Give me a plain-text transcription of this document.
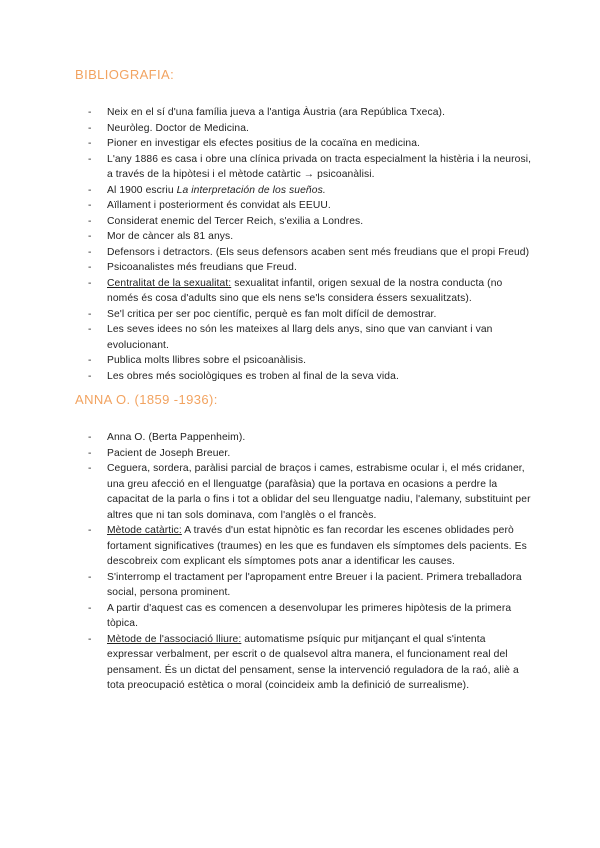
BIBLIOGRAFIA:
- Neix en el sí d'una família jueva a l'antiga Àustria (ara República Txeca).
- Neuròleg. Doctor de Medicina.
- Pioner en investigar els efectes positius de la cocaïna en medicina.
- L'any 1886 es casa i obre una clínica privada on tracta especialment la histèria i la neurosi, a través de la hipòtesi i el mètode catàrtic → psicoanàlisi.
- Al 1900 escriu La interpretación de los sueños.
- Aïllament i posteriorment és convidat als EEUU.
- Considerat enemic del Tercer Reich, s'exilia a Londres.
- Mor de càncer als 81 anys.
- Defensors i detractors. (Els seus defensors acaben sent més freudians que el propi Freud)
- Psicoanalistes més freudians que Freud.
- Centralitat de la sexualitat: sexualitat infantil, origen sexual de la nostra conducta (no només és cosa d'adults sino que els nens se'ls considera éssers sexualitzats).
- Se'l critica per ser poc científic, perquè es fan molt difícil de demostrar.
- Les seves idees no són les mateixes al llarg dels anys, sino que van canviant i van evolucionant.
- Publica molts llibres sobre el psicoanàlisis.
- Les obres més sociològiques es troben al final de la seva vida.
ANNA O. (1859 -1936):
- Anna O. (Berta Pappenheim).
- Pacient de Joseph Breuer.
- Ceguera, sordera, paràlisi parcial de braços i cames, estrabisme ocular i, el més cridaner, una greu afecció en el llenguatge (parafàsia) que la portava en ocasions a perdre la capacitat de la parla o fins i tot a oblidar del seu llenguatge nadiu, l'alemany, substituint per altres que ni tan sols dominava, com l'anglès o el francès.
- Mètode catàrtic: A través d'un estat hipnòtic es fan recordar les escenes oblidades però fortament significatives (traumes) en les que es fundaven els símptomes dels pacients. Es descobreix com explicant els símptomes pots anar a identificar les causes.
- S'interromp el tractament per l'apropament entre Breuer i la pacient. Primera treballadora social, persona prominent.
- A partir d'aquest cas es comencen a desenvolupar les primeres hipòtesis de la primera tòpica.
- Mètode de l'associació lliure: automatisme psíquic pur mitjançant el qual s'intenta expressar verbalment, per escrit o de qualsevol altra manera, el funcionament real del pensament. És un dictat del pensament, sense la intervenció reguladora de la raó, aliè a tota preocupació estètica o moral (coincideix amb la definició de surrealisme).
